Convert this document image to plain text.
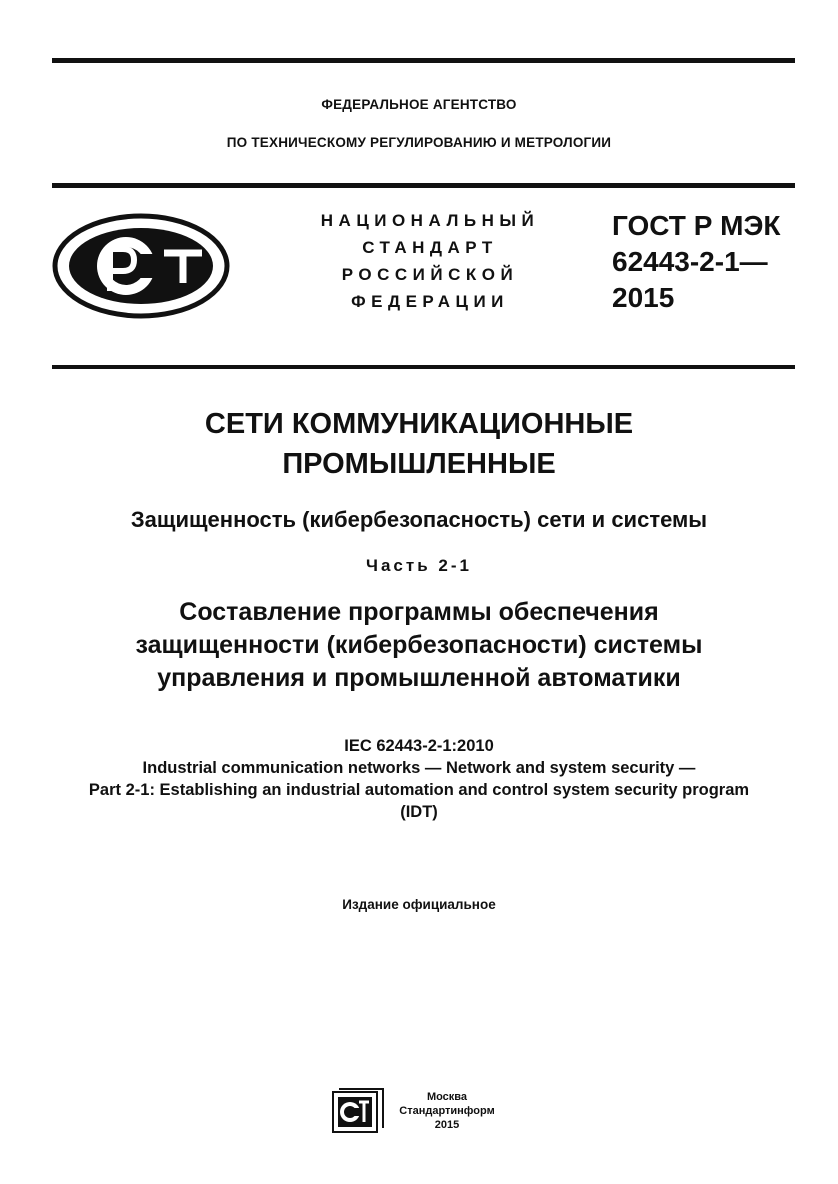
ФЕДЕРАЛЬНОЕ АГЕНТСТВО
ПО ТЕХНИЧЕСКОМУ РЕГУЛИРОВАНИЮ И МЕТРОЛОГИИ
НАЦИОНАЛЬНЫЙ
СТАНДАРТ
РОССИЙСКОЙ
ФЕДЕРАЦИИ
ГОСТ Р МЭК
62443-2-1—
2015
СЕТИ КОММУНИКАЦИОННЫЕ
ПРОМЫШЛЕННЫЕ
Защищенность (кибербезопасность) сети и системы
Часть 2-1
Составление программы обеспечения
защищенности (кибербезопасности) системы
управления и промышленной автоматики
IEC 62443-2-1:2010
Industrial communication networks — Network and system security —
Part 2-1: Establishing an industrial automation and control system security program
(IDT)
Издание официальное
Москва
Стандартинформ
2015
